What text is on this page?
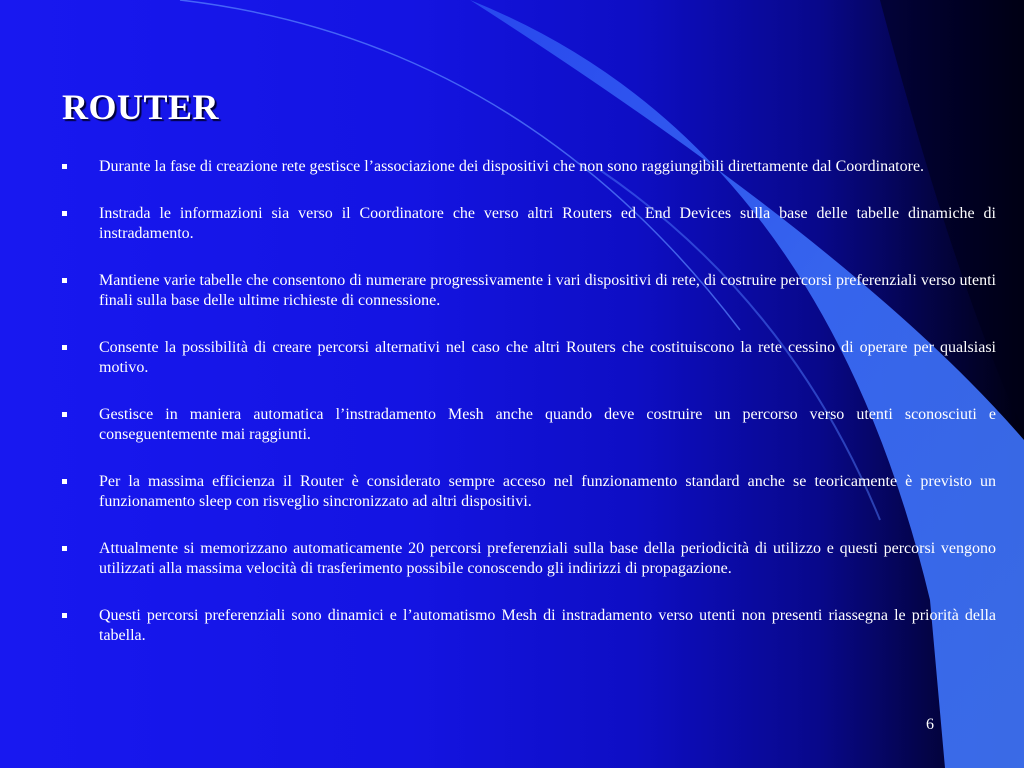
ROUTER
Durante la fase di creazione rete gestisce l’associazione dei dispositivi che non sono raggiungibili direttamente dal Coordinatore.
Instrada le informazioni sia verso il Coordinatore che verso altri Routers ed End Devices sulla base delle tabelle dinamiche di instradamento.
Mantiene varie tabelle che consentono di numerare progressivamente i vari dispositivi di rete, di costruire percorsi preferenziali verso utenti finali sulla base delle ultime richieste di connessione.
Consente la possibilità di creare percorsi alternativi nel caso che altri Routers che costituiscono la rete cessino di operare per qualsiasi motivo.
Gestisce in maniera automatica l’instradamento Mesh anche quando deve costruire un percorso verso utenti sconosciuti e conseguentemente mai raggiunti.
Per la massima efficienza il Router è considerato sempre acceso nel funzionamento standard anche se teoricamente è previsto un funzionamento sleep con risveglio sincronizzato ad altri dispositivi.
Attualmente si memorizzano automaticamente 20 percorsi preferenziali sulla base della periodicità di utilizzo e questi percorsi vengono utilizzati alla massima velocità di trasferimento possibile conoscendo gli indirizzi di propagazione.
Questi percorsi preferenziali sono dinamici e l’automatismo Mesh di instradamento verso utenti non presenti riassegna le priorità della tabella.
6
